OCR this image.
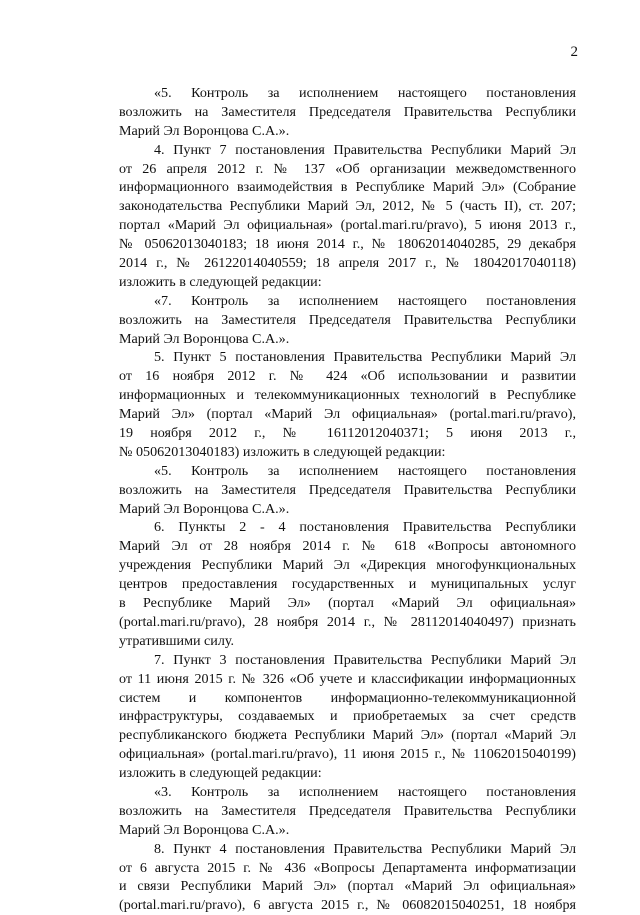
2
«5. Контроль за исполнением настоящего постановления
возложить на Заместителя Председателя Правительства Республики
Марий Эл Воронцова С.А.».
4. Пункт 7 постановления Правительства Республики Марий Эл
от 26 апреля 2012 г. № 137 «Об организации межведомственного
информационного взаимодействия в Республике Марий Эл» (Собрание
законодательства Республики Марий Эл, 2012, № 5 (часть II), ст. 207;
портал «Марий Эл официальная» (portal.mari.ru/pravo), 5 июня 2013 г.,
№ 05062013040183; 18 июня 2014 г., № 18062014040285, 29 декабря
2014 г., № 26122014040559; 18 апреля 2017 г., № 18042017040118)
изложить в следующей редакции:
«7. Контроль за исполнением настоящего постановления
возложить на Заместителя Председателя Правительства Республики
Марий Эл Воронцова С.А.».
5. Пункт 5 постановления Правительства Республики Марий Эл
от 16 ноября 2012 г. № 424 «Об использовании и развитии
информационных и телекоммуникационных технологий в Республике
Марий Эл» (портал «Марий Эл официальная» (portal.mari.ru/pravo),
19 ноября 2012 г., № 16112012040371; 5 июня 2013 г.,
№ 05062013040183) изложить в следующей редакции:
«5. Контроль за исполнением настоящего постановления
возложить на Заместителя Председателя Правительства Республики
Марий Эл Воронцова С.А.».
6. Пункты 2 - 4 постановления Правительства Республики
Марий Эл от 28 ноября 2014 г. № 618 «Вопросы автономного
учреждения Республики Марий Эл «Дирекция многофункциональных
центров предоставления государственных и муниципальных услуг
в Республике Марий Эл» (портал «Марий Эл официальная»
(portal.mari.ru/pravo), 28 ноября 2014 г., № 28112014040497) признать
утратившими силу.
7. Пункт 3 постановления Правительства Республики Марий Эл
от 11 июня 2015 г. № 326 «Об учете и классификации информационных
систем и компонентов информационно-телекоммуникационной
инфраструктуры, создаваемых и приобретаемых за счет средств
республиканского бюджета Республики Марий Эл» (портал «Марий Эл
официальная» (portal.mari.ru/pravo), 11 июня 2015 г., № 11062015040199)
изложить в следующей редакции:
«3. Контроль за исполнением настоящего постановления
возложить на Заместителя Председателя Правительства Республики
Марий Эл Воронцова С.А.».
8. Пункт 4 постановления Правительства Республики Марий Эл
от 6 августа 2015 г. № 436 «Вопросы Департамента информатизации
и связи Республики Марий Эл» (портал «Марий Эл официальная»
(portal.mari.ru/pravo), 6 августа 2015 г., № 06082015040251, 18 ноября
